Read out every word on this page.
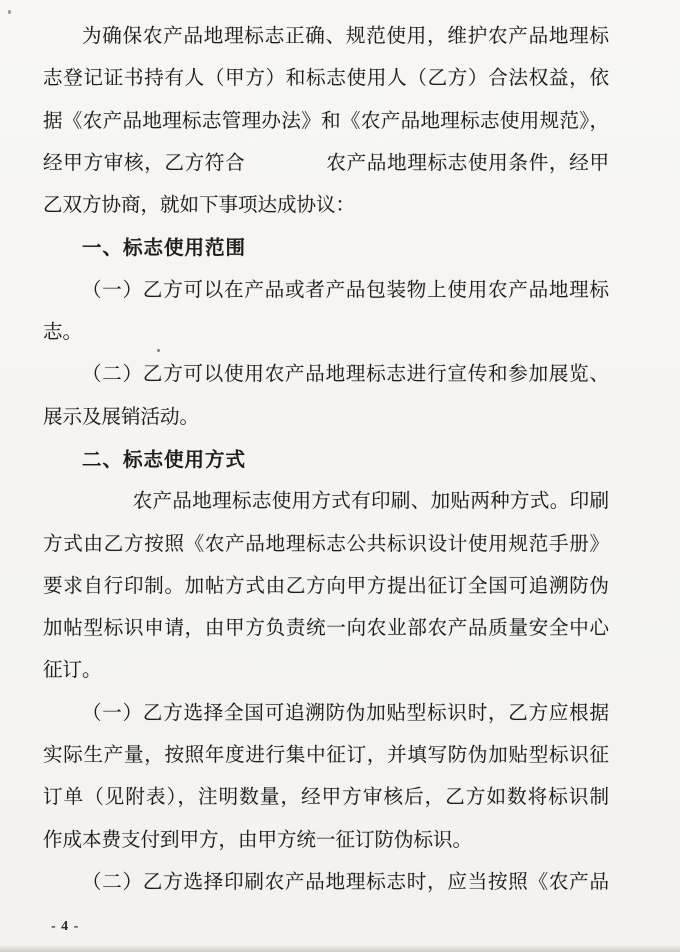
为确保农产品地理标志正确、规范使用，维护农产品地理标
志登记证书持有人（甲方）和标志使用人（乙方）合法权益，依
据《农产品地理标志管理办法》和《农产品地理标志使用规范》，
经甲方审核，乙方符合　　　　农产品地理标志使用条件，经甲
乙双方协商，就如下事项达成协议：
一、标志使用范围
（一）乙方可以在产品或者产品包装物上使用农产品地理标
志。
（二）乙方可以使用农产品地理标志进行宣传和参加展览、
展示及展销活动。
二、标志使用方式
农产品地理标志使用方式有印刷、加贴两种方式。印刷
方式由乙方按照《农产品地理标志公共标识设计使用规范手册》
要求自行印制。加帖方式由乙方向甲方提出征订全国可追溯防伪
加帖型标识申请，由甲方负责统一向农业部农产品质量安全中心
征订。
（一）乙方选择全国可追溯防伪加贴型标识时，乙方应根据
实际生产量，按照年度进行集中征订，并填写防伪加贴型标识征
订单（见附表），注明数量，经甲方审核后，乙方如数将标识制
作成本费支付到甲方，由甲方统一征订防伪标识。
（二）乙方选择印刷农产品地理标志时，应当按照《农产品
- 4 -
